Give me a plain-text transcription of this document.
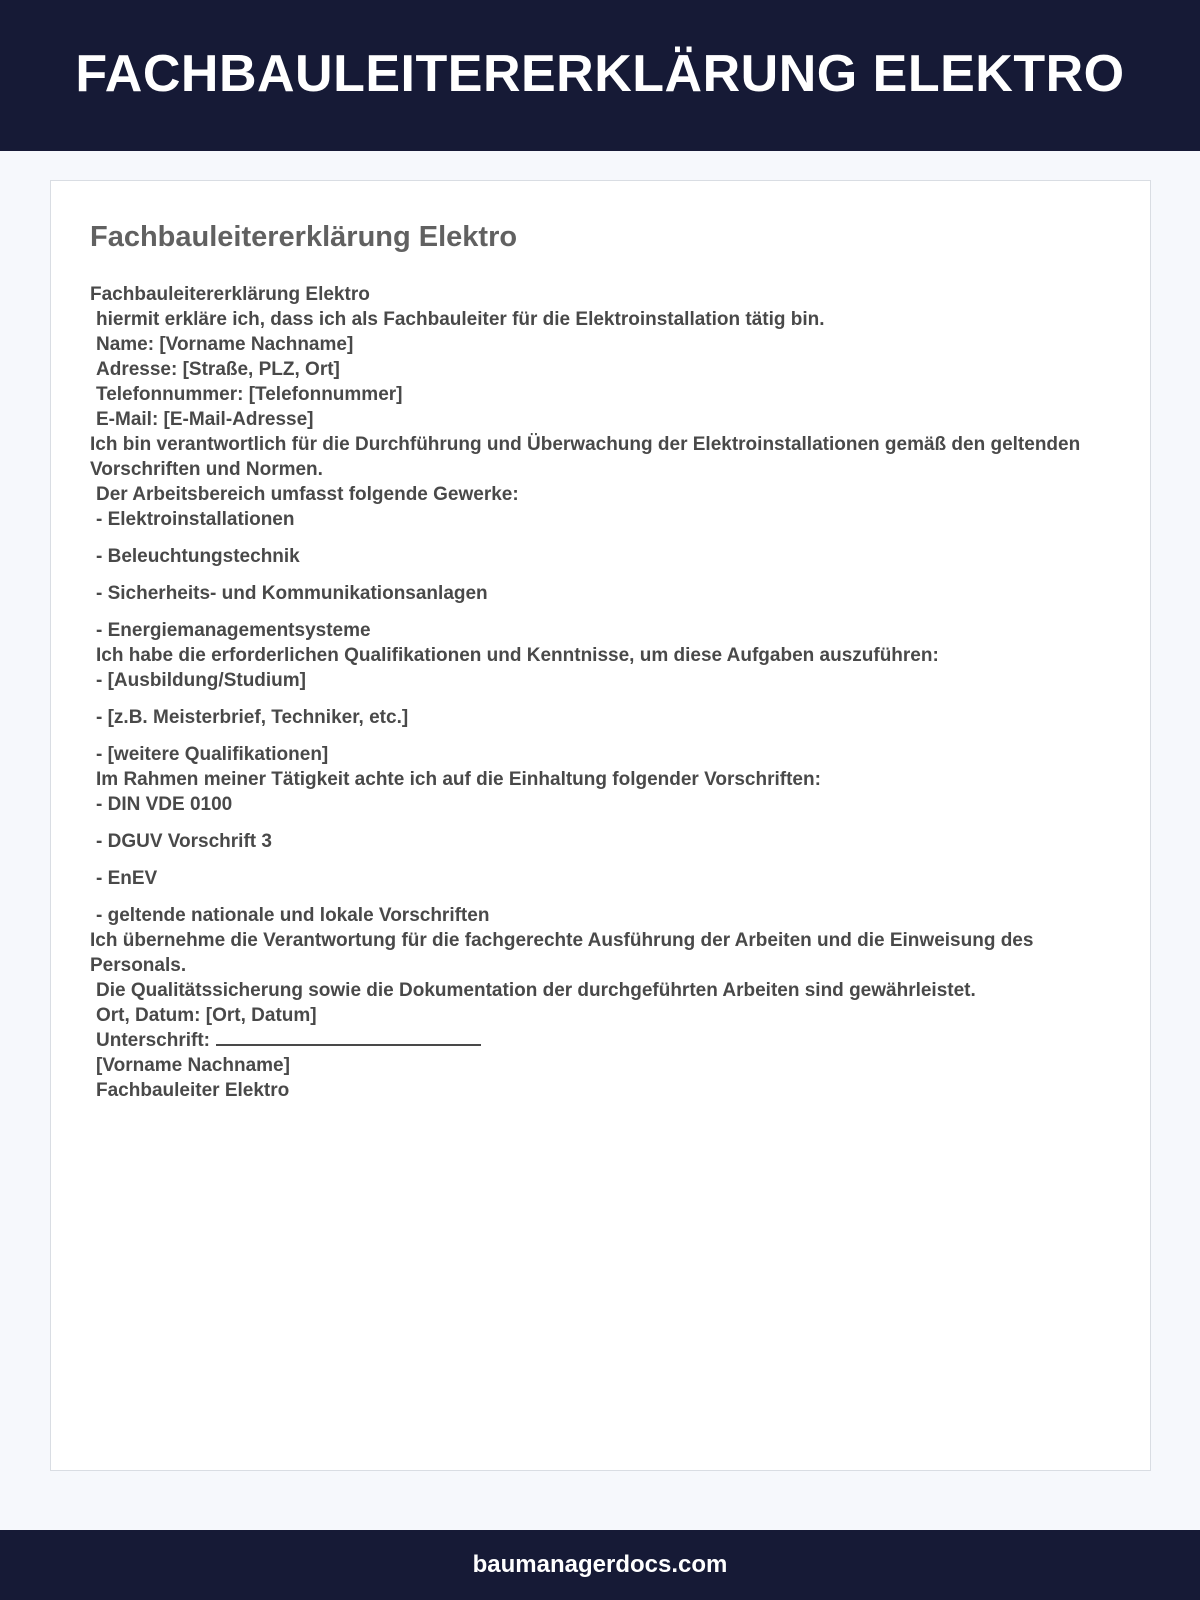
FACHBAULEITERERKLÄRUNG ELEKTRO
Fachbauleitererklärung Elektro
Fachbauleitererklärung Elektro
hiermit erkläre ich, dass ich als Fachbauleiter für die Elektroinstallation tätig bin.
Name: [Vorname Nachname]
Adresse: [Straße, PLZ, Ort]
Telefonnummer: [Telefonnummer]
E-Mail: [E-Mail-Adresse]
Ich bin verantwortlich für die Durchführung und Überwachung der Elektroinstallationen gemäß den geltenden Vorschriften und Normen.
Der Arbeitsbereich umfasst folgende Gewerke:
- Elektroinstallationen
- Beleuchtungstechnik
- Sicherheits- und Kommunikationsanlagen
- Energiemanagementsysteme
Ich habe die erforderlichen Qualifikationen und Kenntnisse, um diese Aufgaben auszuführen:
- [Ausbildung/Studium]
- [z.B. Meisterbrief, Techniker, etc.]
- [weitere Qualifikationen]
Im Rahmen meiner Tätigkeit achte ich auf die Einhaltung folgender Vorschriften:
- DIN VDE 0100
- DGUV Vorschrift 3
- EnEV
- geltende nationale und lokale Vorschriften
Ich übernehme die Verantwortung für die fachgerechte Ausführung der Arbeiten und die Einweisung des Personals.
Die Qualitätssicherung sowie die Dokumentation der durchgeführten Arbeiten sind gewährleistet.
Ort, Datum: [Ort, Datum]
Unterschrift:
[Vorname Nachname]
Fachbauleiter Elektro
baumanagerdocs.com
